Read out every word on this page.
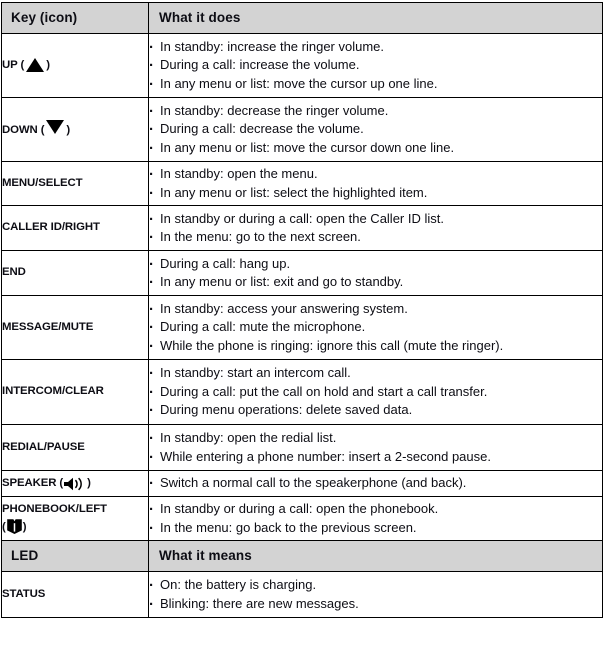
Key (icon)	What it does
UP ( )	
· In standby: increase the ringer volume.
· During a call: increase the volume.
· In any menu or list: move the cursor up one line.

DOWN ( )	
· In standby: decrease the ringer volume.
· During a call: decrease the volume.
· In any menu or list: move the cursor down one line.

MENU/SELECT	
· In standby: open the menu.
· In any menu or list: select the highlighted item.

CALLER ID/RIGHT	
· In standby or during a call: open the Caller ID list.
· In the menu: go to the next screen.

END	
· During a call: hang up.
· In any menu or list: exit and go to standby.

MESSAGE/MUTE	
· In standby: access your answering system.
· During a call: mute the microphone.
· While the phone is ringing: ignore this call (mute the ringer).

INTERCOM/CLEAR	
· In standby: start an intercom call.
· During a call: put the call on hold and start a call transfer.
· During menu operations: delete saved data.

REDIAL/PAUSE	
· In standby: open the redial list.
· While entering a phone number: insert a 2-second pause.

SPEAKER ( )	
·Switch a normal call to the speakerphone (and back).

PHONEBOOK/LEFT
( )	
· In standby or during a call: open the phonebook.
· In the menu: go back to the previous screen.

LED	What it means
STATUS	
· On: the battery is charging.
· Blinking: there are new messages.
